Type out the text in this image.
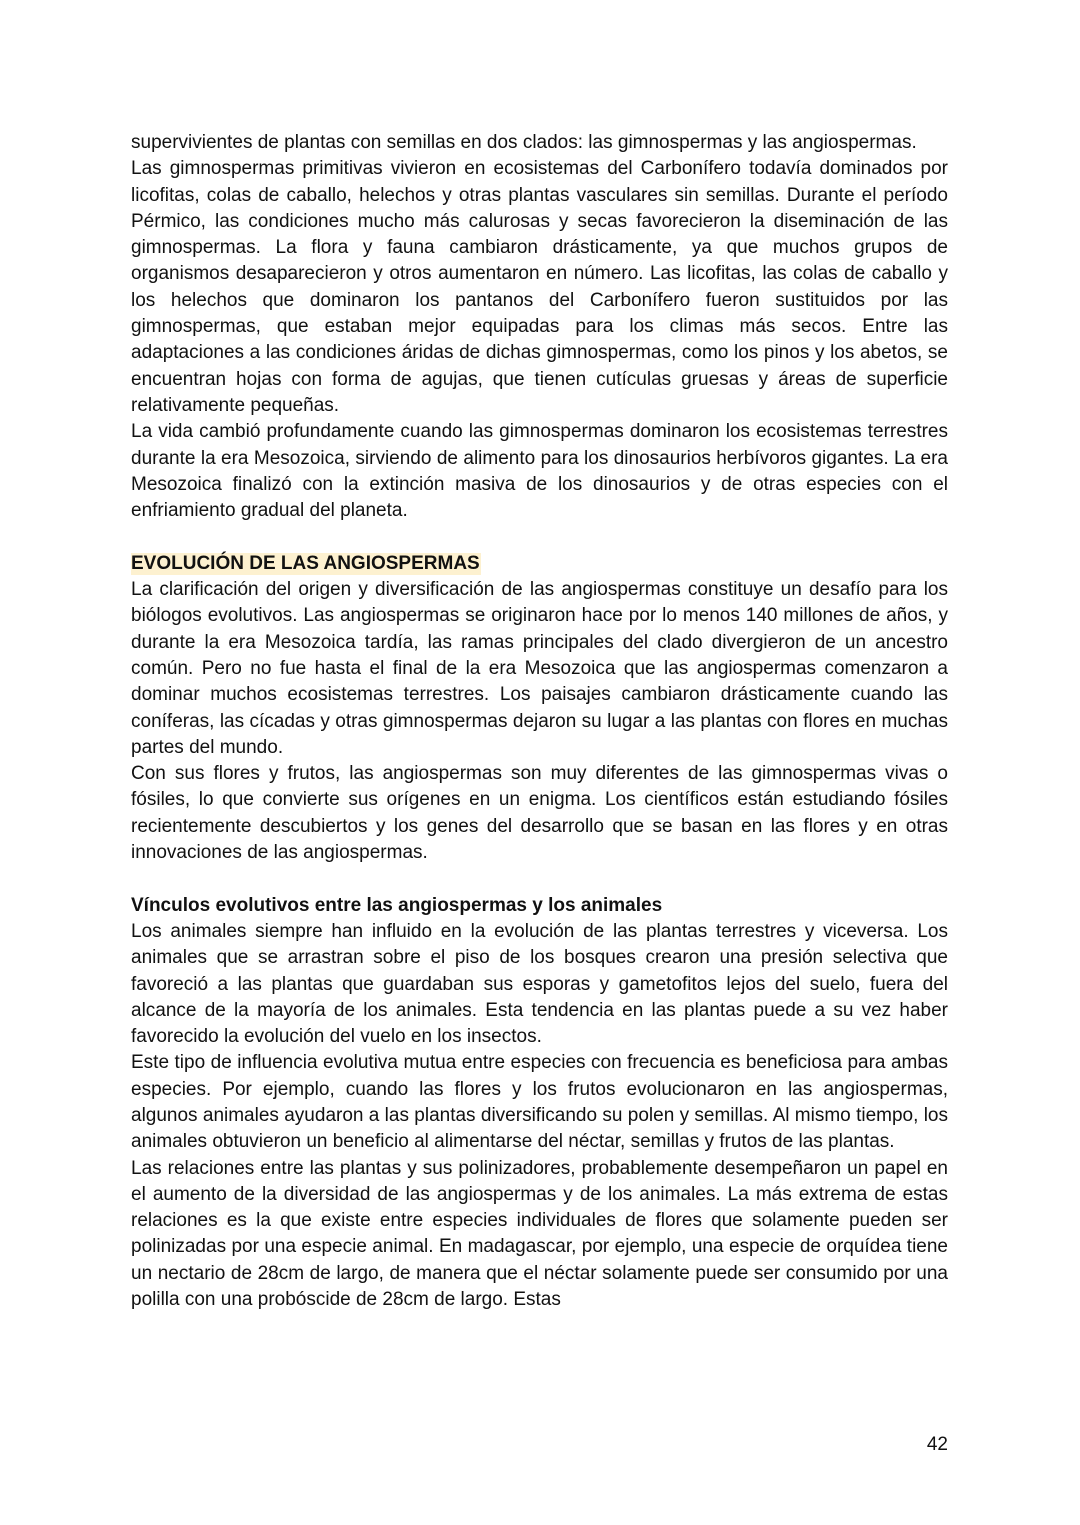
supervivientes de plantas con semillas en dos clados: las gimnospermas y las angiospermas.

Las gimnospermas primitivas vivieron en ecosistemas del Carbonífero todavía dominados por licofitas, colas de caballo, helechos y otras plantas vasculares sin semillas. Durante el período Pérmico, las condiciones mucho más calurosas y secas favorecieron la diseminación de las gimnospermas. La flora y fauna cambiaron drásticamente, ya que muchos grupos de organismos desaparecieron y otros aumentaron en número. Las licofitas, las colas de caballo y los helechos que dominaron los pantanos del Carbonífero fueron sustituidos por las gimnospermas, que estaban mejor equipadas para los climas más secos. Entre las adaptaciones a las condiciones áridas de dichas gimnospermas, como los pinos y los abetos, se encuentran hojas con forma de agujas, que tienen cutículas gruesas y áreas de superficie relativamente pequeñas.

La vida cambió profundamente cuando las gimnospermas dominaron los ecosistemas terrestres durante la era Mesozoica, sirviendo de alimento para los dinosaurios herbívoros gigantes. La era Mesozoica finalizó con la extinción masiva de los dinosaurios y de otras especies con el enfriamiento gradual del planeta.

EVOLUCIÓN DE LAS ANGIOSPERMAS

La clarificación del origen y diversificación de las angiospermas constituye un desafío para los biólogos evolutivos. Las angiospermas se originaron hace por lo menos 140 millones de años, y durante la era Mesozoica tardía, las ramas principales del clado divergieron de un ancestro común. Pero no fue hasta el final de la era Mesozoica que las angiospermas comenzaron a dominar muchos ecosistemas terrestres. Los paisajes cambiaron drásticamente cuando las coníferas, las cícadas y otras gimnospermas dejaron su lugar a las plantas con flores en muchas partes del mundo.

Con sus flores y frutos, las angiospermas son muy diferentes de las gimnospermas vivas o fósiles, lo que convierte sus orígenes en un enigma. Los científicos están estudiando fósiles recientemente descubiertos y los genes del desarrollo que se basan en las flores y en otras innovaciones de las angiospermas.

Vínculos evolutivos entre las angiospermas y los animales

Los animales siempre han influido en la evolución de las plantas terrestres y viceversa. Los animales que se arrastran sobre el piso de los bosques crearon una presión selectiva que favoreció a las plantas que guardaban sus esporas y gametofitos lejos del suelo, fuera del alcance de la mayoría de los animales. Esta tendencia en las plantas puede a su vez haber favorecido la evolución del vuelo en los insectos.

Este tipo de influencia evolutiva mutua entre especies con frecuencia es beneficiosa para ambas especies. Por ejemplo, cuando las flores y los frutos evolucionaron en las angiospermas, algunos animales ayudaron a las plantas diversificando su polen y semillas. Al mismo tiempo, los animales obtuvieron un beneficio al alimentarse del néctar, semillas y frutos de las plantas.

Las relaciones entre las plantas y sus polinizadores, probablemente desempeñaron un papel en el aumento de la diversidad de las angiospermas y de los animales. La más extrema de estas relaciones es la que existe entre especies individuales de flores que solamente pueden ser polinizadas por una especie animal. En madagascar, por ejemplo, una especie de orquídea tiene un nectario de 28cm de largo, de manera que el néctar solamente puede ser consumido por una polilla con una probóscide de 28cm de largo. Estas

42
